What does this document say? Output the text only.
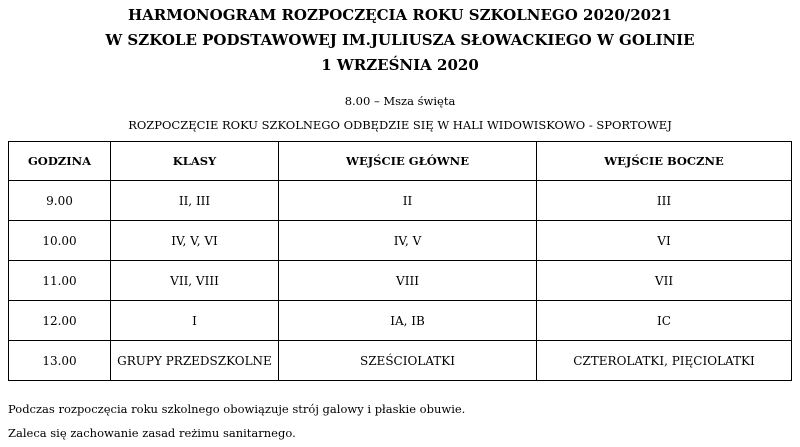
HARMONOGRAM ROZPOCZĘCIA ROKU SZKOLNEGO 2020/2021
W SZKOLE PODSTAWOWEJ IM.JULIUSZA SŁOWACKIEGO W GOLINIE
1 WRZEŚNIA 2020
8.00 – Msza święta
ROZPOCZĘCIE ROKU SZKOLNEGO ODBĘDZIE SIĘ W HALI WIDOWISKOWO - SPORTOWEJ
GODZINA	KLASY	WEJŚCIE GŁÓWNE	WEJŚCIE BOCZNE
9.00	II, III	II	III
10.00	IV, V, VI	IV, V	VI
11.00	VII, VIII	VIII	VII
12.00	I	IA, IB	IC
13.00	GRUPY PRZEDSZKOLNE	SZEŚCIOLATKI	CZTEROLATKI, PIĘCIOLATKI
Podczas rozpoczęcia roku szkolnego obowiązuje strój galowy i płaskie obuwie.
Zaleca się zachowanie zasad reżimu sanitarnego.
